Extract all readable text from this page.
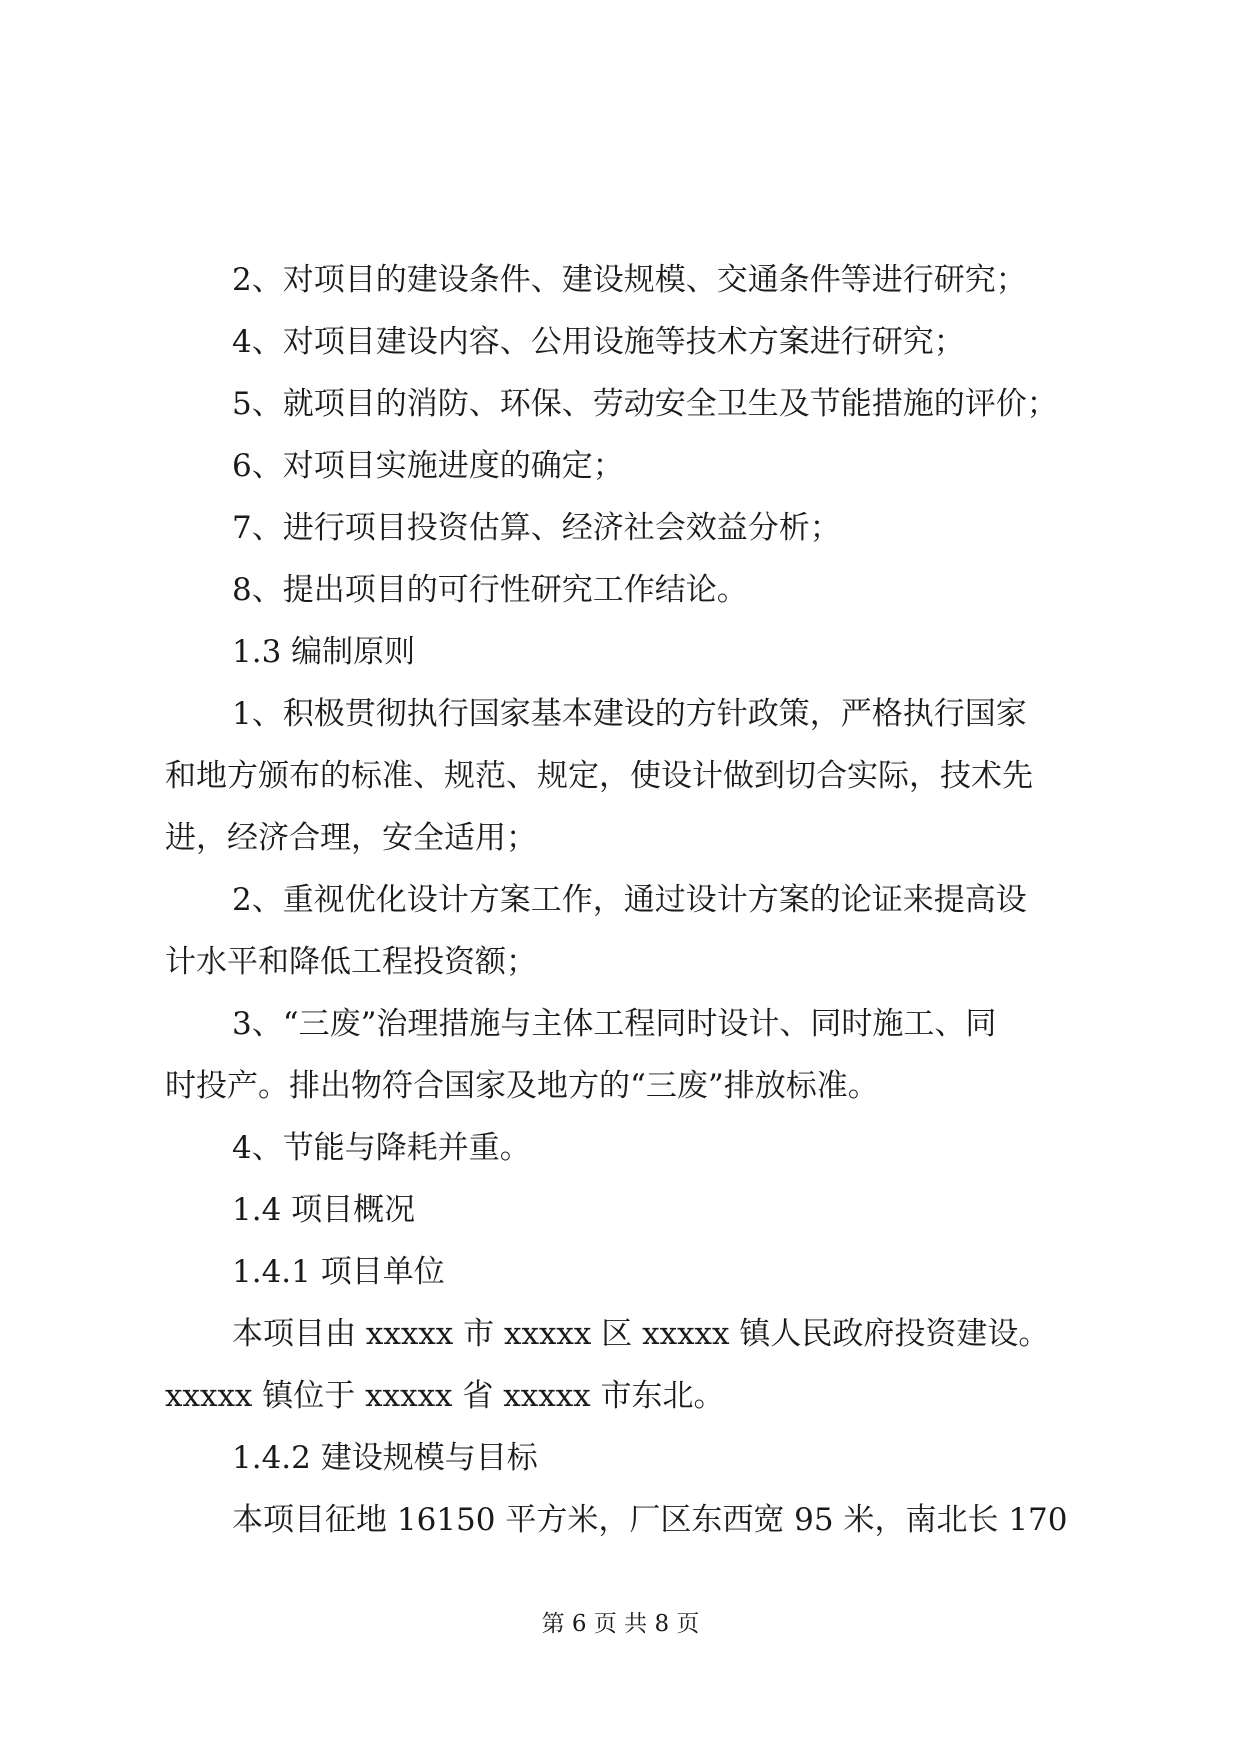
2、对项目的建设条件、建设规模、交通条件等进行研究；
4、对项目建设内容、公用设施等技术方案进行研究；
5、就项目的消防、环保、劳动安全卫生及节能措施的评价；
6、对项目实施进度的确定；
7、进行项目投资估算、经济社会效益分析；
8、提出项目的可行性研究工作结论。
1.3 编制原则
1、积极贯彻执行国家基本建设的方针政策，严格执行国家
和地方颁布的标准、规范、规定，使设计做到切合实际，技术先
进，经济合理，安全适用；
2、重视优化设计方案工作，通过设计方案的论证来提高设
计水平和降低工程投资额；
3、“三废”治理措施与主体工程同时设计、同时施工、同
时投产。排出物符合国家及地方的“三废”排放标准。
4、节能与降耗并重。
1.4 项目概况
1.4.1 项目单位
本项目由 xxxxx 市 xxxxx 区 xxxxx 镇人民政府投资建设。
xxxxx 镇位于 xxxxx 省 xxxxx 市东北。
1.4.2 建设规模与目标
本项目征地 16150 平方米，厂区东西宽 95 米，南北长 170
第 6 页 共 8 页
